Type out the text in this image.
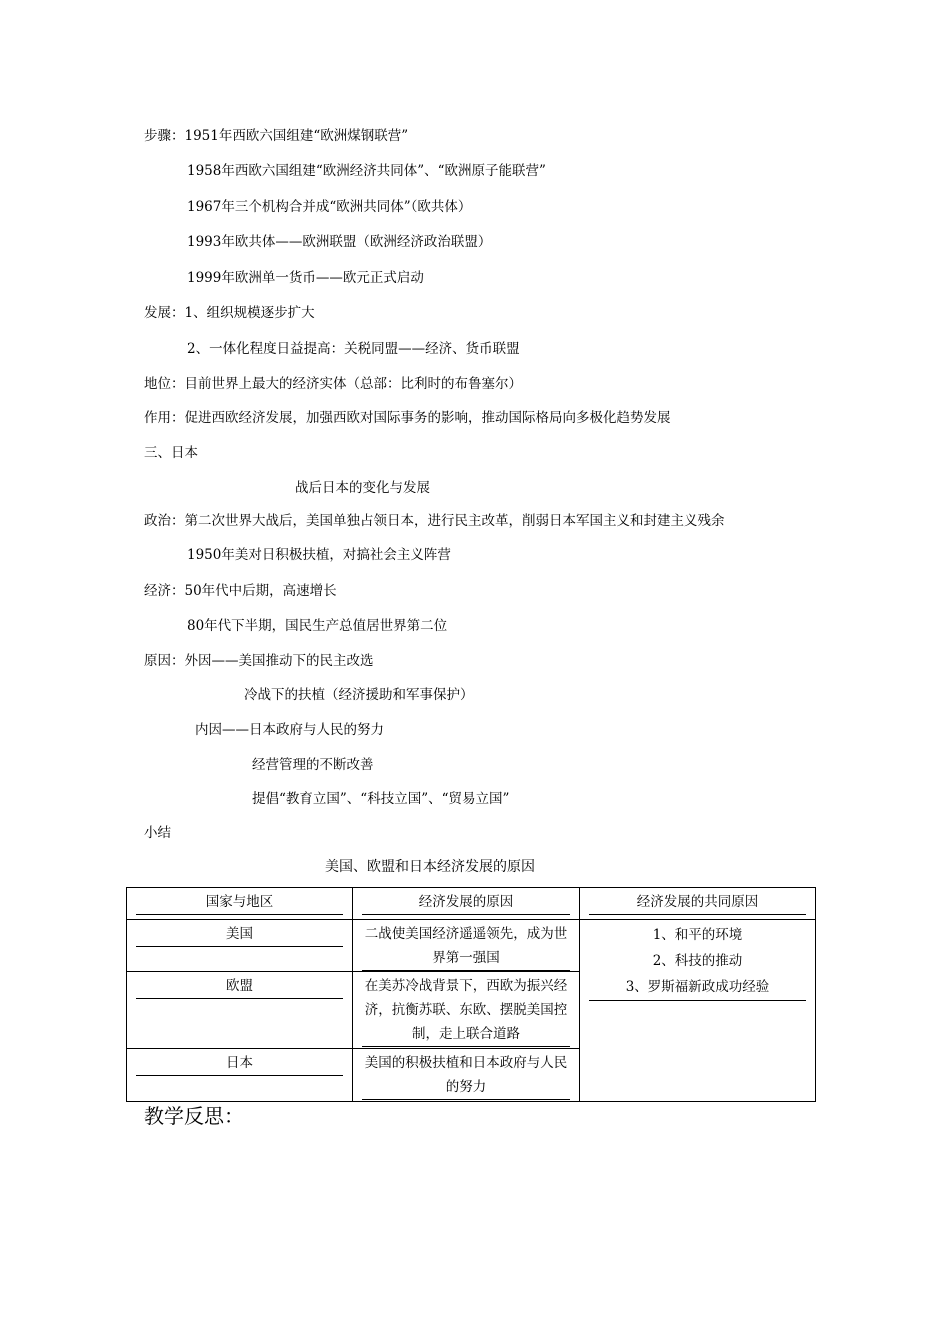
步骤：1951年西欧六国组建“欧洲煤钢联营”
1958年西欧六国组建“欧洲经济共同体”、“欧洲原子能联营”
1967年三个机构合并成“欧洲共同体”（欧共体）
1993年欧共体——欧洲联盟（欧洲经济政治联盟）
1999年欧洲单一货币——欧元正式启动
发展：1、组织规模逐步扩大
2、一体化程度日益提高：关税同盟——经济、货币联盟
地位：目前世界上最大的经济实体（总部：比利时的布鲁塞尔）
作用：促进西欧经济发展，加强西欧对国际事务的影响，推动国际格局向多极化趋势发展
三、日本
战后日本的变化与发展
政治：第二次世界大战后，美国单独占领日本，进行民主改革，削弱日本军国主义和封建主义残余
1950年美对日积极扶植，对搞社会主义阵营
经济：50年代中后期，高速增长
80年代下半期，国民生产总值居世界第二位
原因：外因——美国推动下的民主改选
冷战下的扶植（经济援助和军事保护）
内因——日本政府与人民的努力
经营管理的不断改善
提倡“教育立国”、“科技立国”、“贸易立国”
小结
美国、欧盟和日本经济发展的原因
国家与地区	经济发展的原因	经济发展的共同原因

美国	二战使美国经济遥遥领先，成为世界第一强国	1、和平的环境
2、科技的推动
3、罗斯福新政成功经验

欧盟	在美苏冷战背景下，西欧为振兴经济，抗衡苏联、东欧、摆脱美国控制，走上联合道路	

日本	美国的积极扶植和日本政府与人民的努力	
教学反思：
